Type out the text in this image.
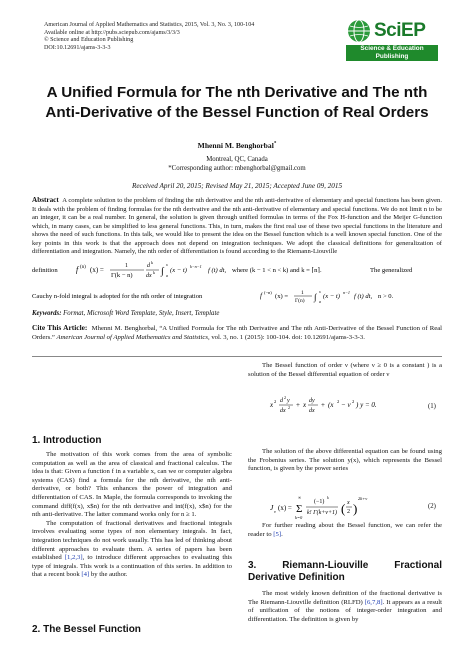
American Journal of Applied Mathematics and Statistics, 2015, Vol. 3, No. 3, 100-104
Available online at http://pubs.sciepub.com/ajams/3/3/3
© Science and Education Publishing
DOI:10.12691/ajams-3-3-3
SciEP
Science & Education
Publishing
A Unified Formula for The nth Derivative and The nth
Anti-Derivative of the Bessel Function of Real Orders
Mhenni M. Benghorbal*
Montreal, QC, Canada
*Corresponding author: mbenghorbal@gmail.com
Received April 20, 2015; Revised May 21, 2015; Accepted June 09, 2015
Abstract A complete solution to the problem of finding the nth derivative and the nth anti-derivative of elementary and special functions has been given. It deals with the problem of finding formulas for the nth derivative and the nth anti-derivative of elementary and special functions. We do not limit n to be an integer, it can be a real number. In general, the solution is given through unified formulas in terms of the Fox H-function and the Meijer G-function which, in many cases, can be simplified to less general functions. This, in turn, makes the first real use of these two special functions in the literature and shows the need of such functions. In this talk, we would like to present the idea on the Bessel function which is a well known special function. One of the key points in this work is that the approach does not depend on integration techniques. We adopt the classical definitions for generalization of differentiation and integration. Namely, the nth order of differentiation is found according to the Riemann-Liouville
definition f (n) (x) =	1
Γ(k − n)
d
k
dx
k ∫
x
a
(x − t)
k−n−1
f (t) dt, where (k − 1 < n < k) and k = ⌈n⌉.	The generalized
Cauchy n-fold integral is adopted for the nth order of integration	f (−n)
(x) = 1
Γ(n) ∫
x
a
(x − t)
n−1
f (t) dt, n > 0.
Keywords: Format, Microsoft Word Template, Style, Insert, Template
Cite This Article: Mhenni M. Benghorbal, “A Unified Formula for The nth Derivative and The nth Anti-Derivative of the Bessel Function of Real Orders.” American Journal of Applied Mathematics and Statistics, vol. 3, no. 1 (2015): 100-104. doi: 10.12691/ajams-3-3-3.
1. Introduction

The motivation of this work comes from the area of symbolic computation as well as the area of classical and fractional calculus. The idea is that: Given a function f in a variable x, can we or computer algebra systems (CAS) find a formula for the nth derivative, the nth anti-derivative, or both? This enhances the power of integration and differentiation of CAS. In Maple, the formula corresponds to invoking the command diff(f(x), x$n) for the nth derivative and int(f(x), x$n) for the nth anti-derivative. The latter command works only for n ≥ 1.

The computation of fractional derivatives and fractional integrals involves evaluating some types of non elementary integrals. In fact, integration techniques do not work usually. This has led of thinking about different approaches to evaluate them. A series of papers has been established [1,2,3], to introduce different approaches to evaluating this type of integrals. This work is a continuation of this series. In addition to that a recent book [4] by the author.

2. The Bessel Function

The Bessel function of order ν (where ν ≥ 0 is a constant ) is a solution of the Bessel differential equation of order ν

x 2 d
2
y
dx
2 + x dy
dx
+ (x 2 − ν 2 ) y = 0.	(1)

The solution of the above differential equation can be found using the Frobenius series. The solution y(x), which represents the Bessel function, is given by the power series

J ν (x) =
∞
Σ
k=0
(−1)
k
k! Γ(k+ν+1) ( x
2 )
2k+ν
(2)

For further reading about the Bessel function, we can refer the reader to [5].

3. Riemann-Liouville Fractional Derivative Definition

The most widely known definition of the fractional derivative is The Riemann-Liouville definition (RLFD) [6,7,8]. It appears as a result of unification of the notions of integer-order integration and differentiation. The definition is given by
